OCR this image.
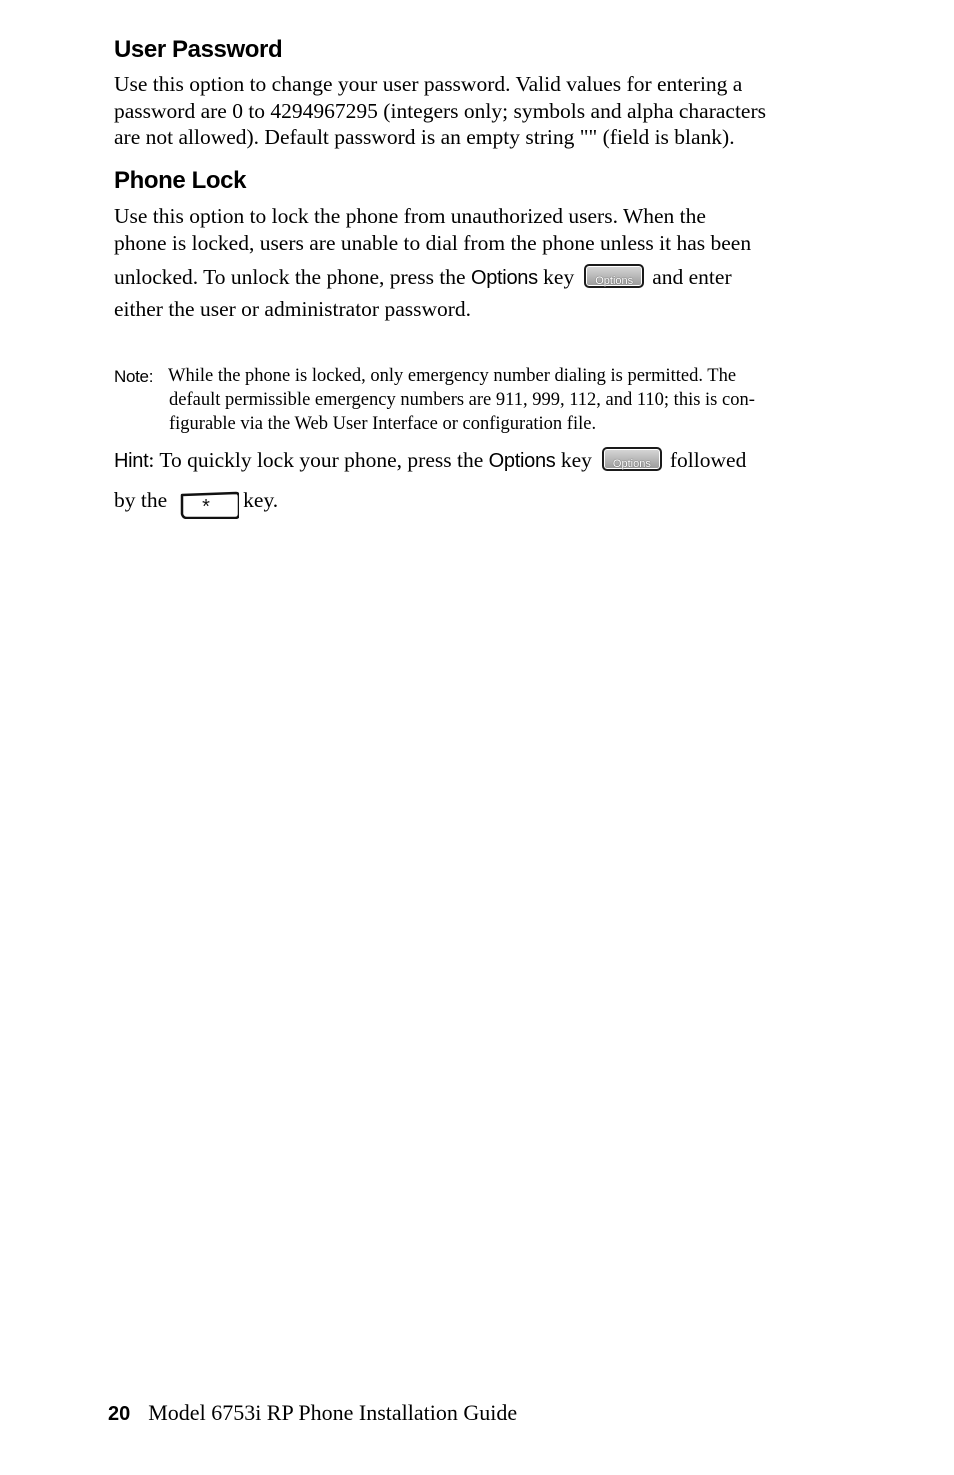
User Password

Use this option to change your user password. Valid values for entering a
password are 0 to 4294967295 (integers only; symbols and alpha characters
are not allowed). Default password is an empty string "" (field is blank).

Phone Lock

Use this option to lock the phone from unauthorized users. When the
phone is locked, users are unable to dial from the phone unless it has been

unlocked. To unlock the phone, press the Options key	Options and enter

either the user or administrator password.

Note: While the phone is locked, only emergency number dialing is permitted. The
default permissible emergency numbers are 911, 999, 112, and 110; this is con-
figurable via the Web User Interface or configuration file.

Hint: To quickly lock your phone, press the Options key	Options followed

by the * key.

20 Model 6753i RP Phone Installation Guide
